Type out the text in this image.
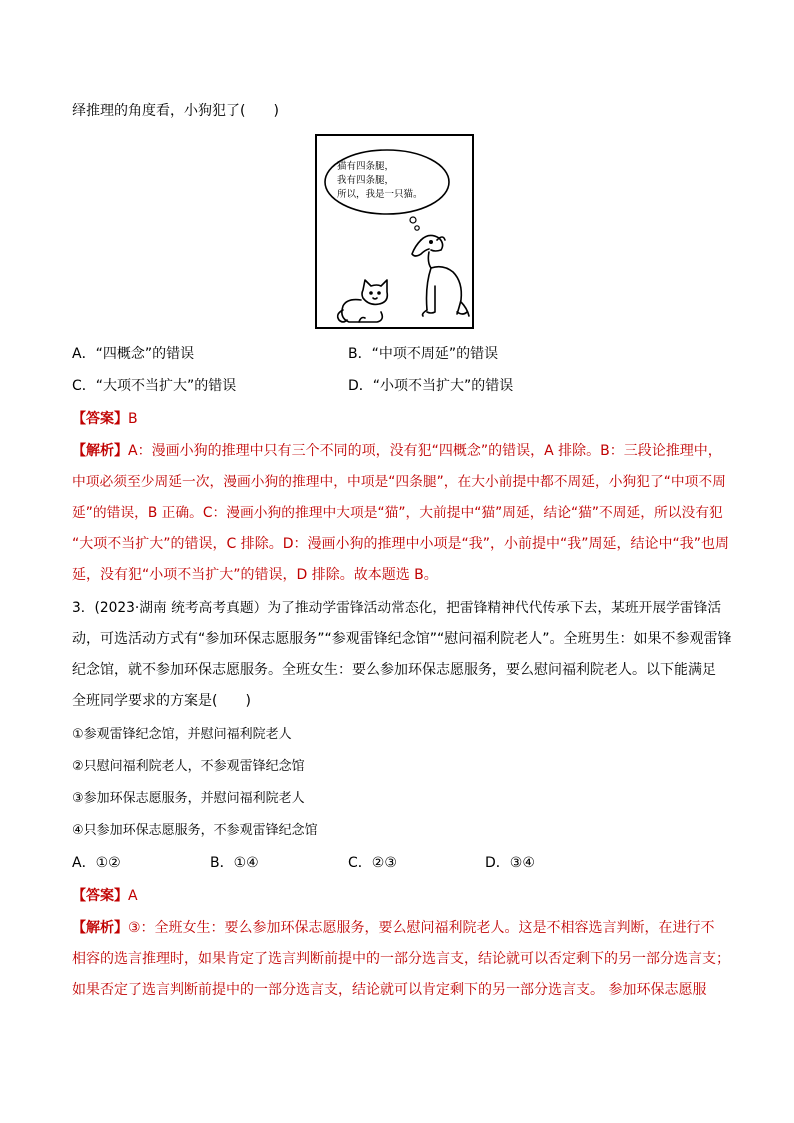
绎推理的角度看，小狗犯了(　　)
猫有四条腿，
我有四条腿，
所以，我是一只猫。
A．“四概念”的错误	B．“中项不周延”的错误
C．“大项不当扩大”的错误	D．“小项不当扩大”的错误
【答案】B
【解析】A：漫画小狗的推理中只有三个不同的项，没有犯“四概念”的错误，A 排除。B：三段论推理中，
中项必须至少周延一次，漫画小狗的推理中，中项是“四条腿”，在大小前提中都不周延，小狗犯了“中项不周
延”的错误，B 正确。C：漫画小狗的推理中大项是“猫”，大前提中“猫”周延，结论“猫”不周延，所以没有犯
“大项不当扩大”的错误，C 排除。D：漫画小狗的推理中小项是“我”，小前提中“我”周延，结论中“我”也周
延，没有犯“小项不当扩大”的错误，D 排除。故本题选 B。
3．(2023·湖南 统考高考真题）为了推动学雷锋活动常态化，把雷锋精神代代传承下去，某班开展学雷锋活
动，可选活动方式有“参加环保志愿服务”“参观雷锋纪念馆”“慰问福利院老人”。全班男生：如果不参观雷锋
纪念馆，就不参加环保志愿服务。全班女生：要么参加环保志愿服务，要么慰问福利院老人。以下能满足
全班同学要求的方案是(　　)
①参观雷锋纪念馆，并慰问福利院老人
②只慰问福利院老人，不参观雷锋纪念馆
③参加环保志愿服务，并慰问福利院老人
④只参加环保志愿服务，不参观雷锋纪念馆
A．①②	B．①④	C．②③	D．③④
【答案】A
【解析】③：全班女生：要么参加环保志愿服务，要么慰问福利院老人。这是不相容选言判断，在进行不
相容的选言推理时，如果肯定了选言判断前提中的一部分选言支，结论就可以否定剩下的另一部分选言支；
如果否定了选言判断前提中的一部分选言支，结论就可以肯定剩下的另一部分选言支。 参加环保志愿服
